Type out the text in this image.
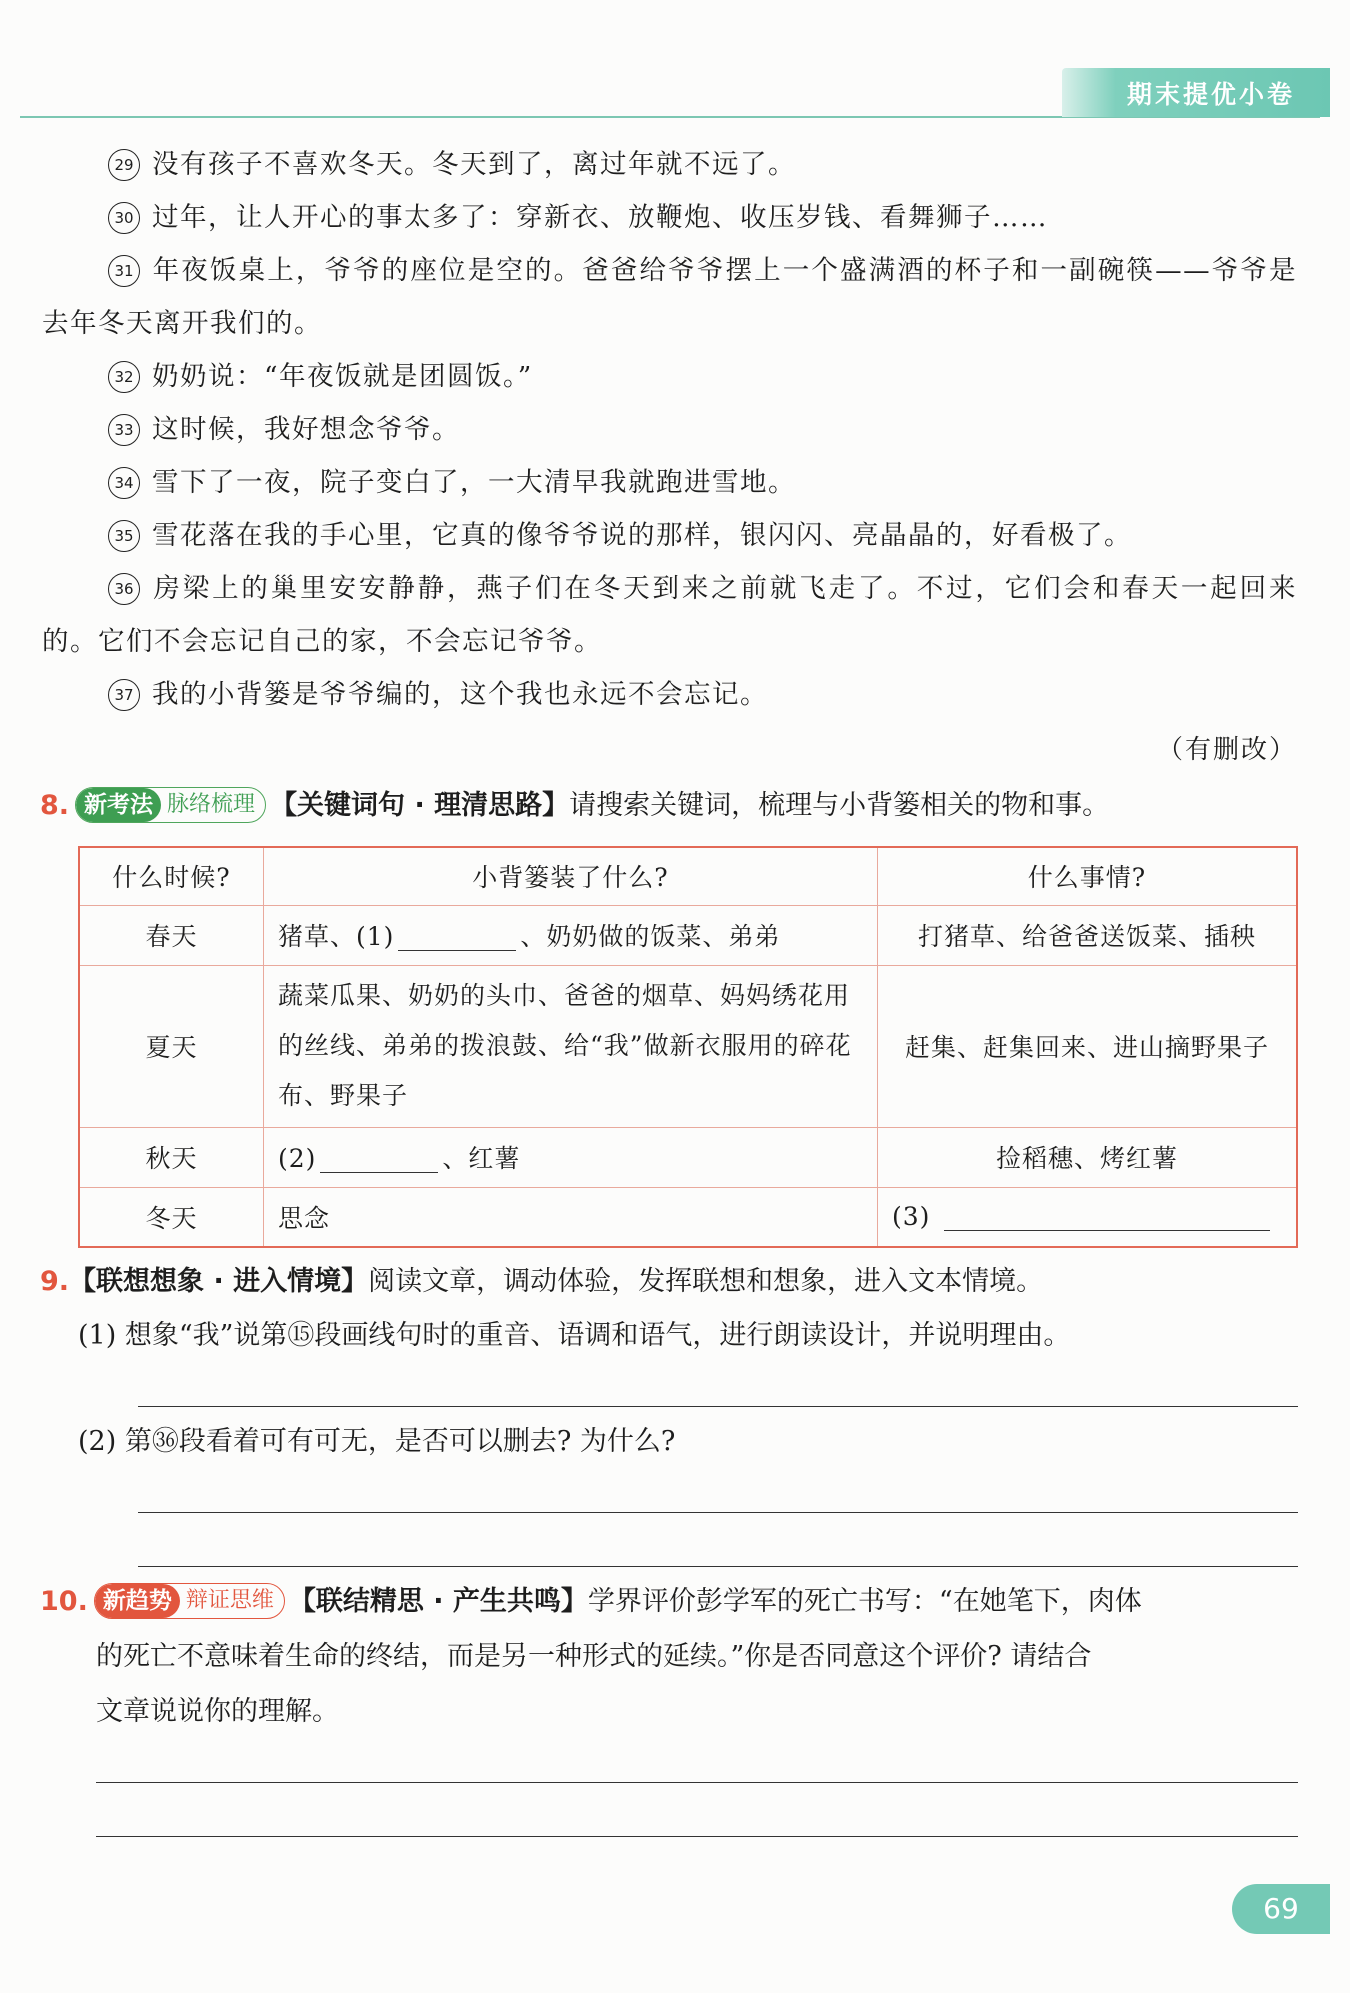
期末提优小卷

29 没有孩子不喜欢冬天。冬天到了，离过年就不远了。

30 过年，让人开心的事太多了：穿新衣、放鞭炮、收压岁钱、看舞狮子……

31 年夜饭桌上，爷爷的座位是空的。爸爸给爷爷摆上一个盛满酒的杯子和一副碗筷——爷爷是去年冬天离开我们的。

32 奶奶说：“年夜饭就是团圆饭。”

33 这时候，我好想念爷爷。

34 雪下了一夜，院子变白了，一大清早我就跑进雪地。

35 雪花落在我的手心里，它真的像爷爷说的那样，银闪闪、亮晶晶的，好看极了。

36 房梁上的巢里安安静静，燕子们在冬天到来之前就飞走了。不过，它们会和春天一起回来的。它们不会忘记自己的家，不会忘记爷爷。

37 我的小背篓是爷爷编的，这个我也永远不会忘记。

（有删改）

8. 新考法 脉络梳理 【关键词句 · 理清思路】请搜索关键词，梳理与小背篓相关的物和事。
什么时候?	小背篓装了什么?	什么事情?
春天	猪草、(1) 、奶奶做的饭菜、弟弟	打猪草、给爸爸送饭菜、插秧
夏天	蔬菜瓜果、奶奶的头巾、爸爸的烟草、妈妈绣花用的丝线、弟弟的拨浪鼓、给“我”做新衣服用的碎花布、野果子	赶集、赶集回来、进山摘野果子
秋天	(2) 、红薯	捡稻穗、烤红薯
冬天	思念	(3)
9.【联想想象 · 进入情境】阅读文章，调动体验，发挥联想和想象，进入文本情境。
(1) 想象“我”说第⑮段画线句时的重音、语调和语气，进行朗读设计，并说明理由。
(2) 第㊱段看着可有可无，是否可以删去? 为什么?
10. 新趋势 辩证思维 【联结精思 · 产生共鸣】学界评价彭学军的死亡书写：“在她笔下，肉体
的死亡不意味着生命的终结，而是另一种形式的延续。”你是否同意这个评价? 请结合
文章说说你的理解。
69
